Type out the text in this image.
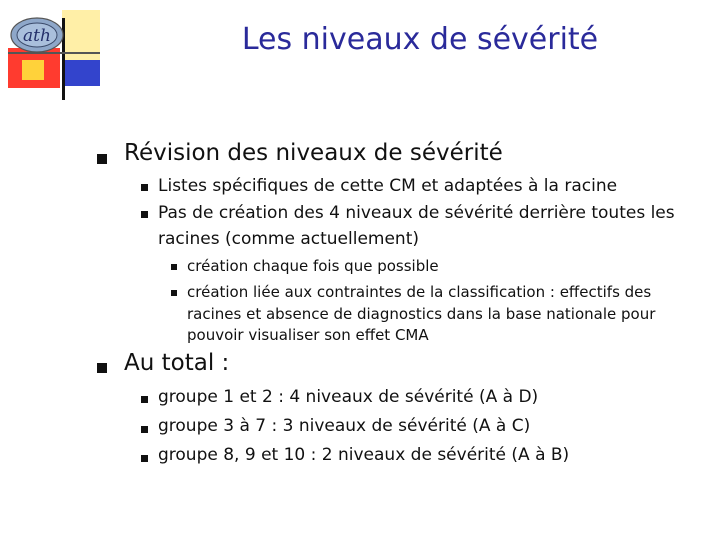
ath	Les niveaux de sévérité
Révision des niveaux de sévérité
Listes spécifiques de cette CM et adaptées à la racine
Pas de création des 4 niveaux de sévérité derrière toutes les
racines (comme actuellement)
création chaque fois que possible
création liée aux contraintes de la classification : effectifs des
racines et absence de diagnostics dans la base nationale pour
pouvoir visualiser son effet CMA
Au total :
groupe 1 et 2 : 4 niveaux de sévérité (A à D)
groupe 3 à 7 : 3 niveaux de sévérité (A à C)
groupe 8, 9 et 10 : 2 niveaux de sévérité (A à B)
